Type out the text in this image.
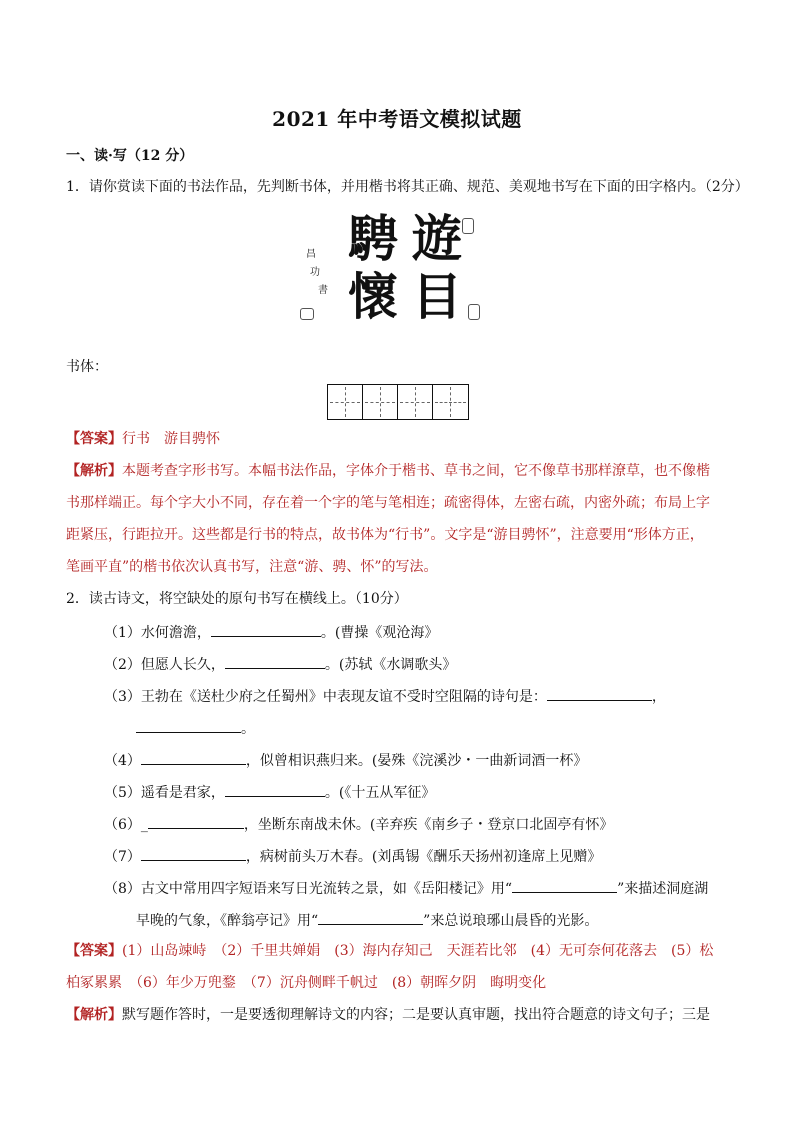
2021 年中考语文模拟试题
一、读·写（12 分）
1．请你赏读下面的书法作品，先判断书体，并用楷书将其正确、规范、美观地书写在下面的田字格内。（2分）
遊
目
騁
懷
昌
功
書
书体：
【答案】行书　游目骋怀
【解析】本题考查字形书写。本幅书法作品，字体介于楷书、草书之间，它不像草书那样潦草，也不像楷
书那样端正。每个字大小不同，存在着一个字的笔与笔相连；疏密得体，左密右疏，内密外疏；布局上字
距紧压，行距拉开。这些都是行书的特点，故书体为“行书”。文字是“游目骋怀”，注意要用“形体方正，
笔画平直”的楷书依次认真书写，注意“游、骋、怀”的写法。
2．读古诗文，将空缺处的原句书写在横线上。（10分）
（1）水何澹澹，	。(曹操《观沧海》
（2）但愿人长久，	。(苏轼《水调歌头》
（3）王勃在《送杜少府之任蜀州》中表现友谊不受时空阻隔的诗句是：	，
。
（4）	，似曾相识燕归来。(晏殊《浣溪沙・一曲新词酒一杯》
（5）遥看是君家，	。(《十五从军征》
（6）_	，坐断东南战未休。(辛弃疾《南乡子・登京口北固亭有怀》
（7）	，病树前头万木春。(刘禹锡《酬乐天扬州初逢席上见赠》
（8）古文中常用四字短语来写日光流转之景，如《岳阳楼记》用“	”来描述洞庭湖
早晚的气象，《醉翁亭记》用“	”来总说琅琊山晨昏的光影。
【答案】(1）山岛竦峙　（2）千里共婵娟　(3）海内存知己　天涯若比邻　(4）无可奈何花落去　(5）松
柏冢累累　（6）年少万兜鍪　（7）沉舟侧畔千帆过　(8）朝晖夕阴　晦明变化
【解析】默写题作答时，一是要透彻理解诗文的内容；二是要认真审题，找出符合题意的诗文句子；三是
